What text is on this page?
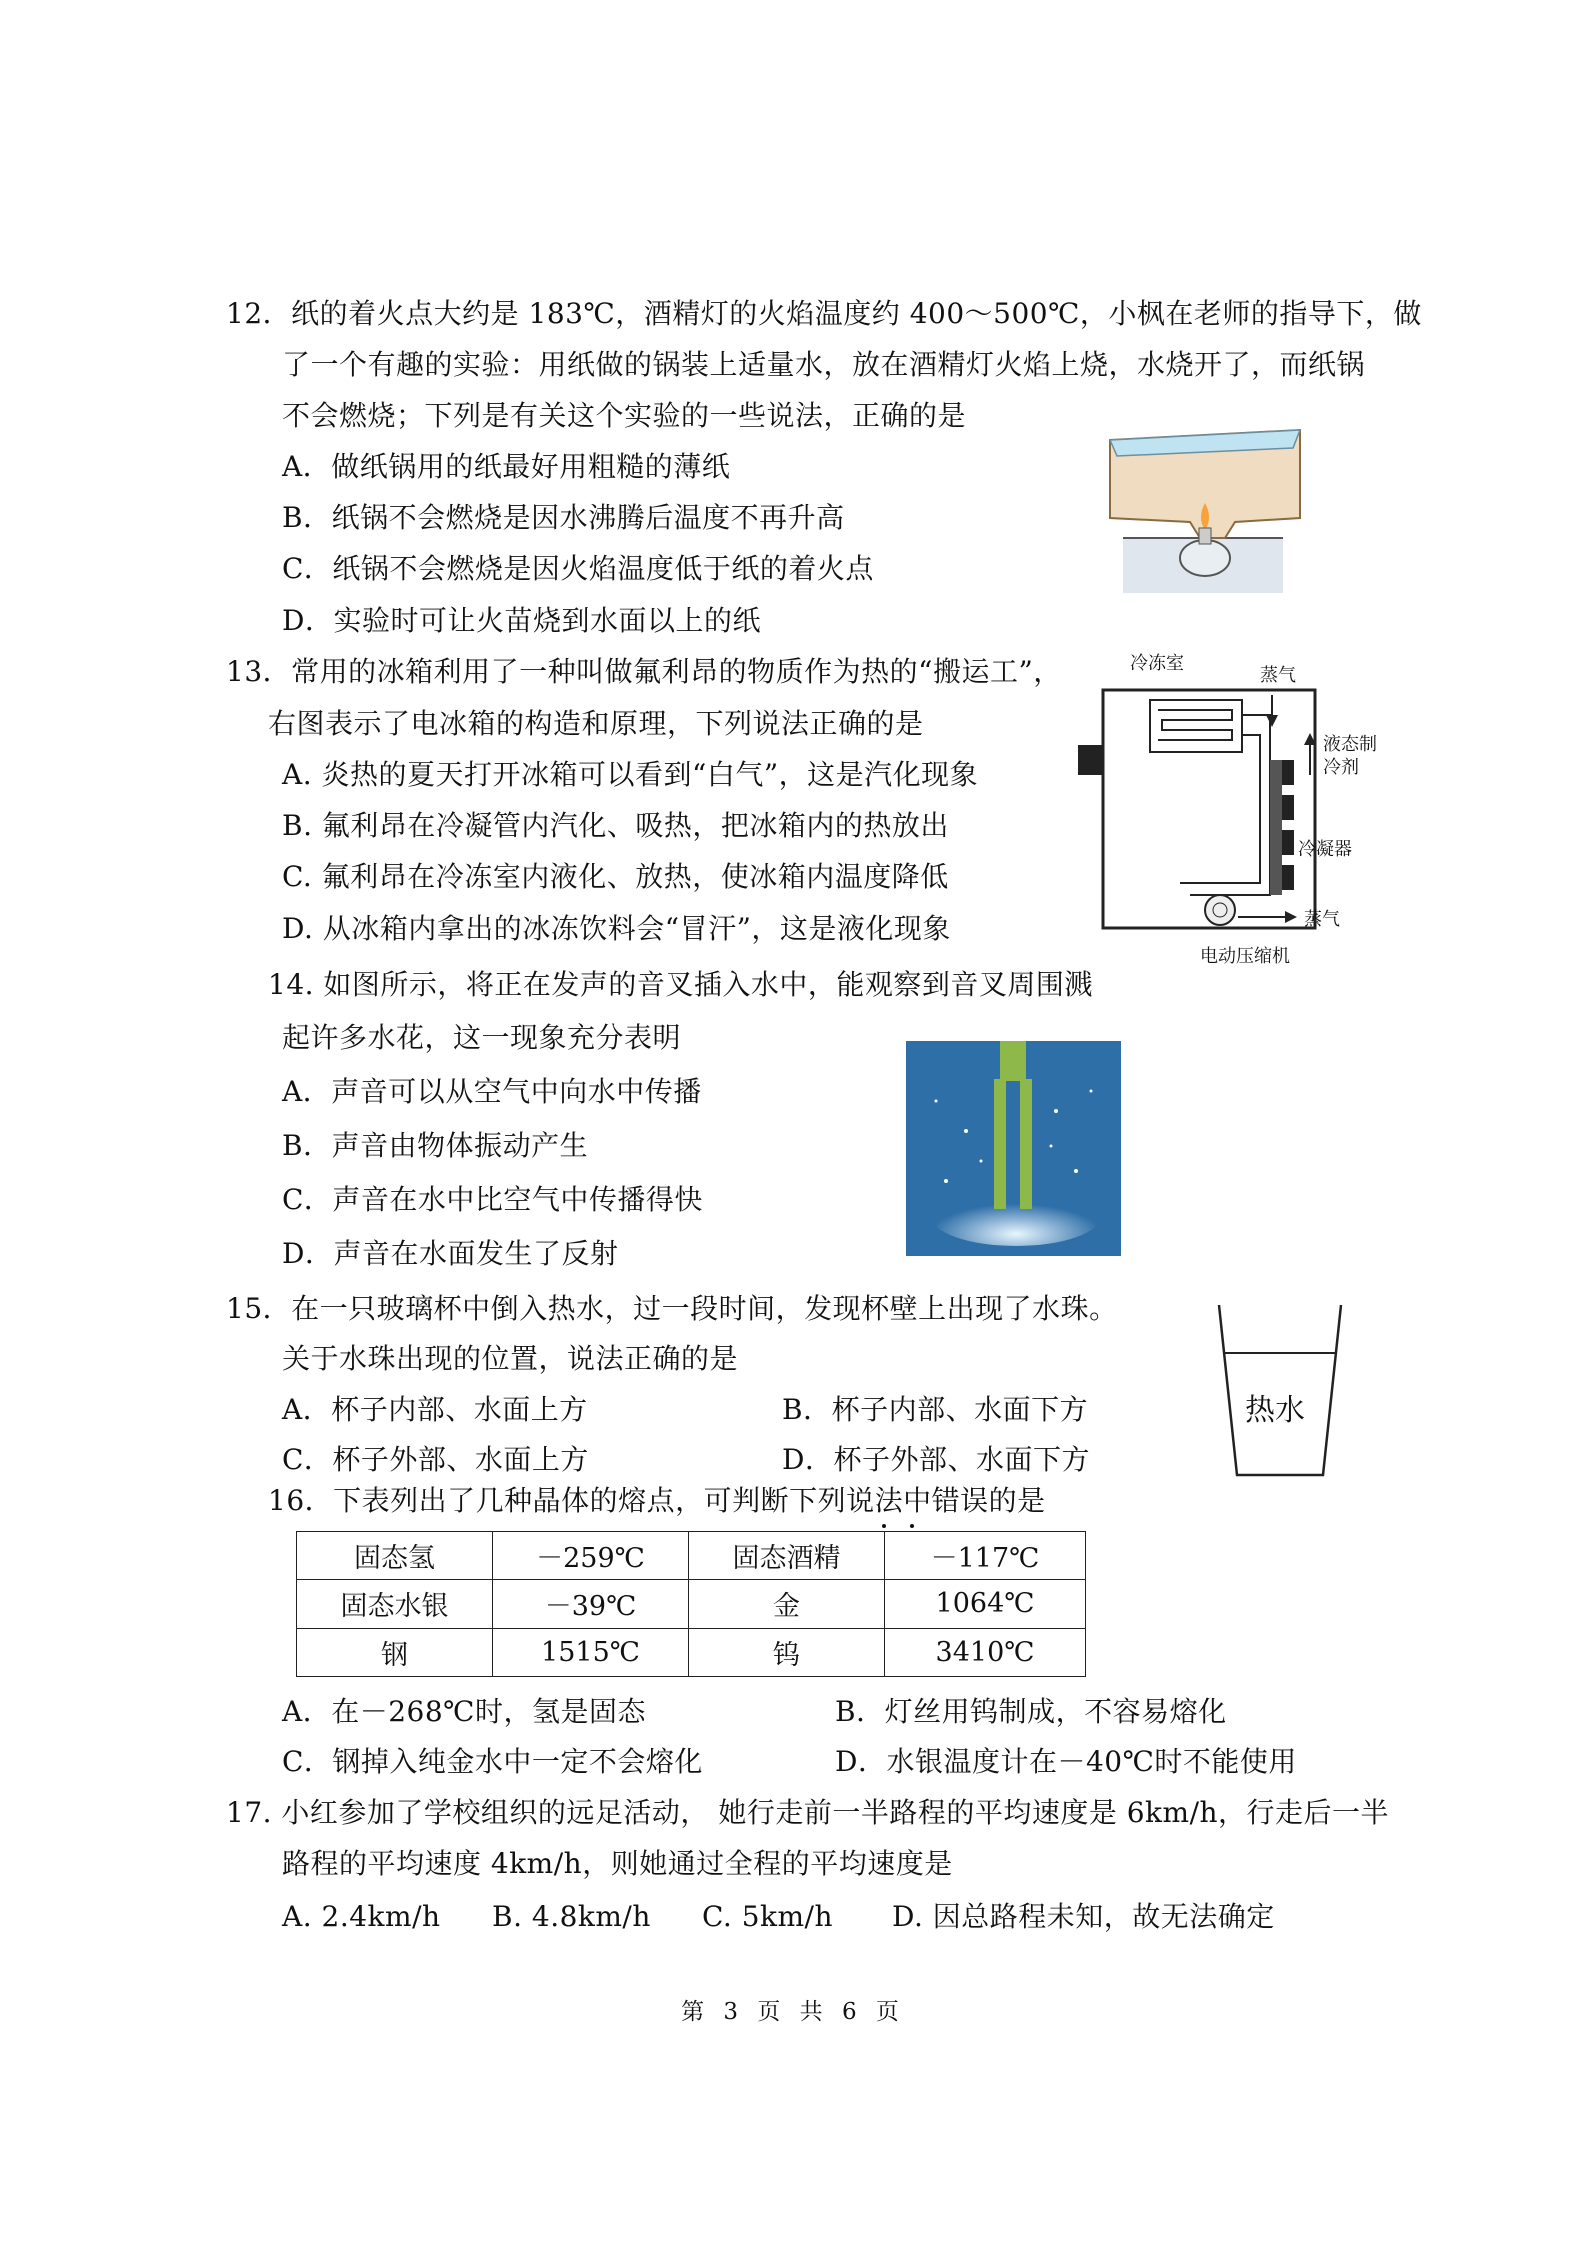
12．纸的着火点大约是 183℃，酒精灯的火焰温度约 400～500℃，小枫在老师的指导下，做
了一个有趣的实验：用纸做的锅装上适量水，放在酒精灯火焰上烧，水烧开了，而纸锅
不会燃烧；下列是有关这个实验的一些说法，正确的是
A．做纸锅用的纸最好用粗糙的薄纸
B．纸锅不会燃烧是因水沸腾后温度不再升高
C．纸锅不会燃烧是因火焰温度低于纸的着火点
D．实验时可让火苗烧到水面以上的纸
13．常用的冰箱利用了一种叫做氟利昂的物质作为热的“搬运工”，
右图表示了电冰箱的构造和原理，下列说法正确的是
A. 炎热的夏天打开冰箱可以看到“白气”，这是汽化现象
B. 氟利昂在冷凝管内汽化、吸热，把冰箱内的热放出
C. 氟利昂在冷冻室内液化、放热，使冰箱内温度降低
D. 从冰箱内拿出的冰冻饮料会“冒汗”，这是液化现象
冷冻室
蒸气
液态制
冷剂
冷凝器
蒸气
电动压缩机
14. 如图所示，将正在发声的音叉插入水中，能观察到音叉周围溅
起许多水花，这一现象充分表明
A．声音可以从空气中向水中传播
B．声音由物体振动产生
C．声音在水中比空气中传播得快
D．声音在水面发生了反射
15．在一只玻璃杯中倒入热水，过一段时间，发现杯壁上出现了水珠。
关于水珠出现的位置，说法正确的是
A．杯子内部、水面上方	B．杯子内部、水面下方
C．杯子外部、水面上方	D．杯子外部、水面下方
热水
16．下表列出了几种晶体的熔点，可判断下列说法中错误的是
固态氢	－259℃	固态酒精	－117℃
固态水银	－39℃	金	1064℃
钢	1515℃	钨	3410℃
A．在－268℃时，氢是固态	B．灯丝用钨制成，不容易熔化
C．钢掉入纯金水中一定不会熔化	D．水银温度计在－40℃时不能使用
17. 小红参加了学校组织的远足活动， 她行走前一半路程的平均速度是 6km/h，行走后一半
路程的平均速度 4km/h，则她通过全程的平均速度是
A. 2.4km/h B. 4.8km/h C. 5km/h D. 因总路程未知，故无法确定
第 3 页 共 6 页
